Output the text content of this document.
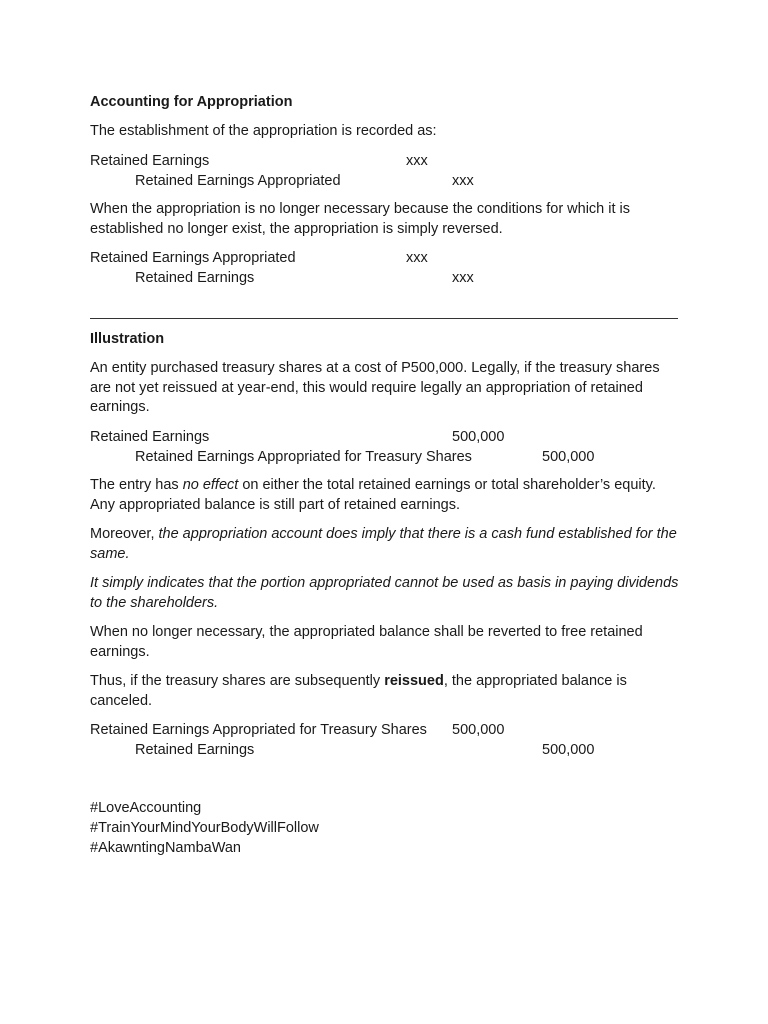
Accounting for Appropriation
The establishment of the appropriation is recorded as:
Retained Earnings	xxx
Retained Earnings Appropriated	xxx
When the appropriation is no longer necessary because the conditions for which it is established no longer exist, the appropriation is simply reversed.
Retained Earnings Appropriated	xxx
Retained Earnings	xxx
Illustration
An entity purchased treasury shares at a cost of P500,000. Legally, if the treasury shares are not yet reissued at year-end, this would require legally an appropriation of retained earnings.
Retained Earnings	500,000
Retained Earnings Appropriated for Treasury Shares	500,000
The entry has no effect on either the total retained earnings or total shareholder’s equity. Any appropriated balance is still part of retained earnings.
Moreover, the appropriation account does imply that there is a cash fund established for the same.
It simply indicates that the portion appropriated cannot be used as basis in paying dividends to the shareholders.
When no longer necessary, the appropriated balance shall be reverted to free retained earnings.
Thus, if the treasury shares are subsequently reissued, the appropriated balance is canceled.
Retained Earnings Appropriated for Treasury Shares 500,000
Retained Earnings	500,000
#LoveAccounting
#TrainYourMindYourBodyWillFollow
#AkawntingNambaWan
